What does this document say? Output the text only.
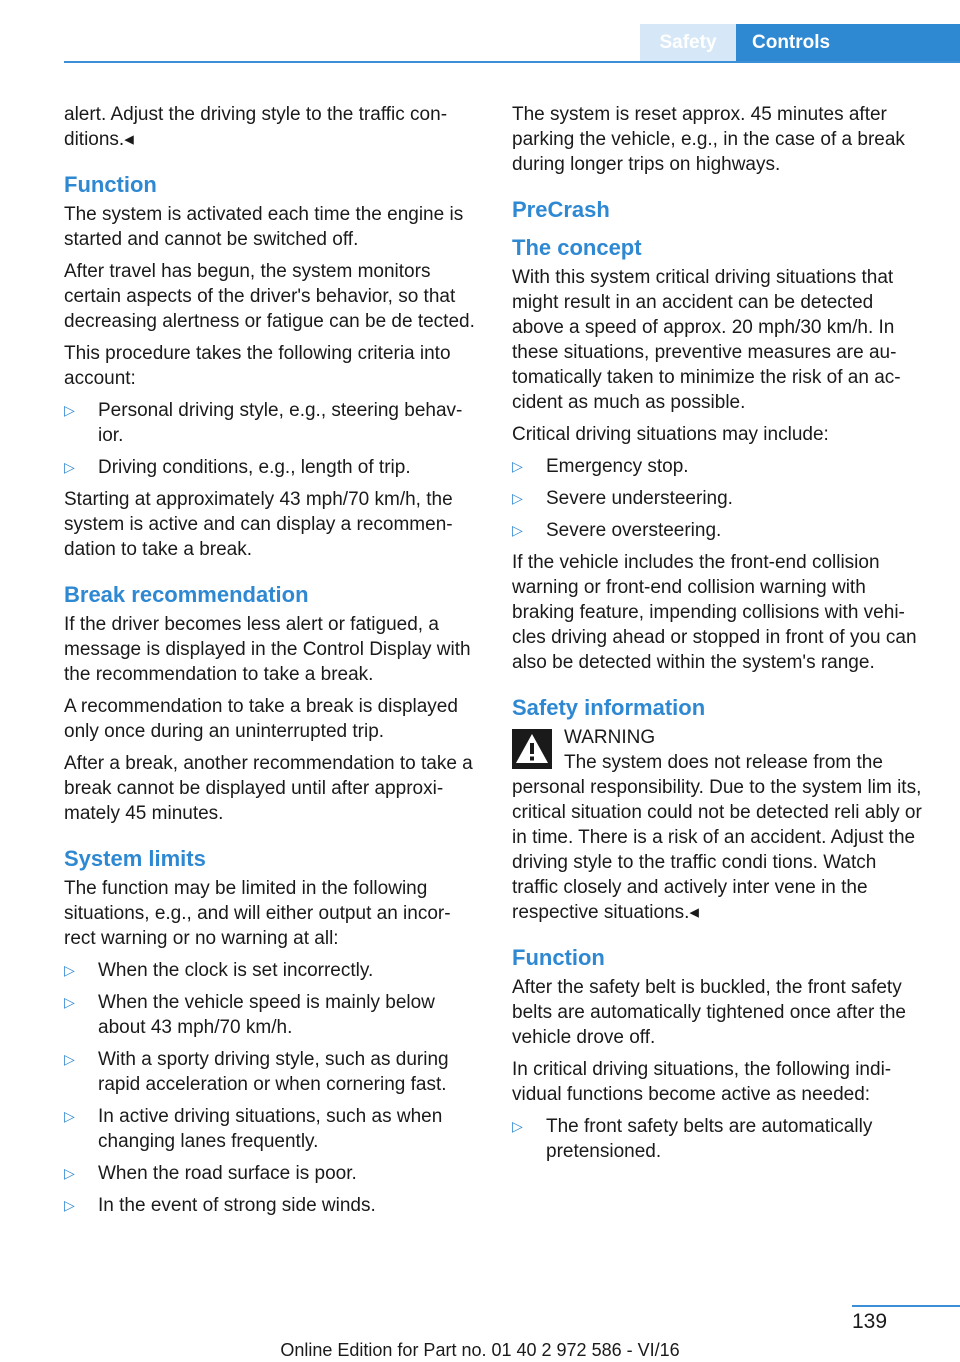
Safety	Controls

alert. Adjust the driving style to the traffic con ditions.◂

Function

The system is activated each time the engine is started and cannot be switched off.

After travel has begun, the system monitors certain aspects of the driver's behavior, so that decreasing alertness or fatigue can be de tected.

This procedure takes the following criteria into account:

▷	Personal driving style, e.g., steering behav ior.
▷	Driving conditions, e.g., length of trip.

Starting at approximately 43 mph/70 km/h, the system is active and can display a recommen dation to take a break.

Break recommendation

If the driver becomes less alert or fatigued, a message is displayed in the Control Display with the recommendation to take a break.

A recommendation to take a break is displayed only once during an uninterrupted trip.

After a break, another recommendation to take a break cannot be displayed until after approxi mately 45 minutes.

System limits

The function may be limited in the following situations, e.g., and will either output an incor rect warning or no warning at all:

▷	When the clock is set incorrectly.
▷	When the vehicle speed is mainly below about 43 mph/70 km/h.
▷	With a sporty driving style, such as during rapid acceleration or when cornering fast.
▷	In active driving situations, such as when changing lanes frequently.
▷	When the road surface is poor.
▷	In the event of strong side winds.

The system is reset approx. 45 minutes after parking the vehicle, e.g., in the case of a break during longer trips on highways.

PreCrash
The concept

With this system critical driving situations that might result in an accident can be detected above a speed of approx. 20 mph/30 km/h. In these situations, preventive measures are au tomatically taken to minimize the risk of an ac cident as much as possible.

Critical driving situations may include:

▷	Emergency stop.
▷	Severe understeering.
▷	Severe oversteering.

If the vehicle includes the front-end collision warning or front-end collision warning with braking feature, impending collisions with vehi cles driving ahead or stopped in front of you can also be detected within the system's range.

Safety information
WARNING
The system does not release from the personal responsibility. Due to the system lim its, critical situation could not be detected reli ably or in time. There is a risk of an accident. Adjust the driving style to the traffic condi tions. Watch traffic closely and actively inter vene in the respective situations.◂
Function

After the safety belt is buckled, the front safety belts are automatically tightened once after the vehicle drove off.

In critical driving situations, the following indi vidual functions become active as needed:

▷	The front safety belts are automatically pretensioned.
139
Online Edition for Part no. 01 40 2 972 586 - VI/16
